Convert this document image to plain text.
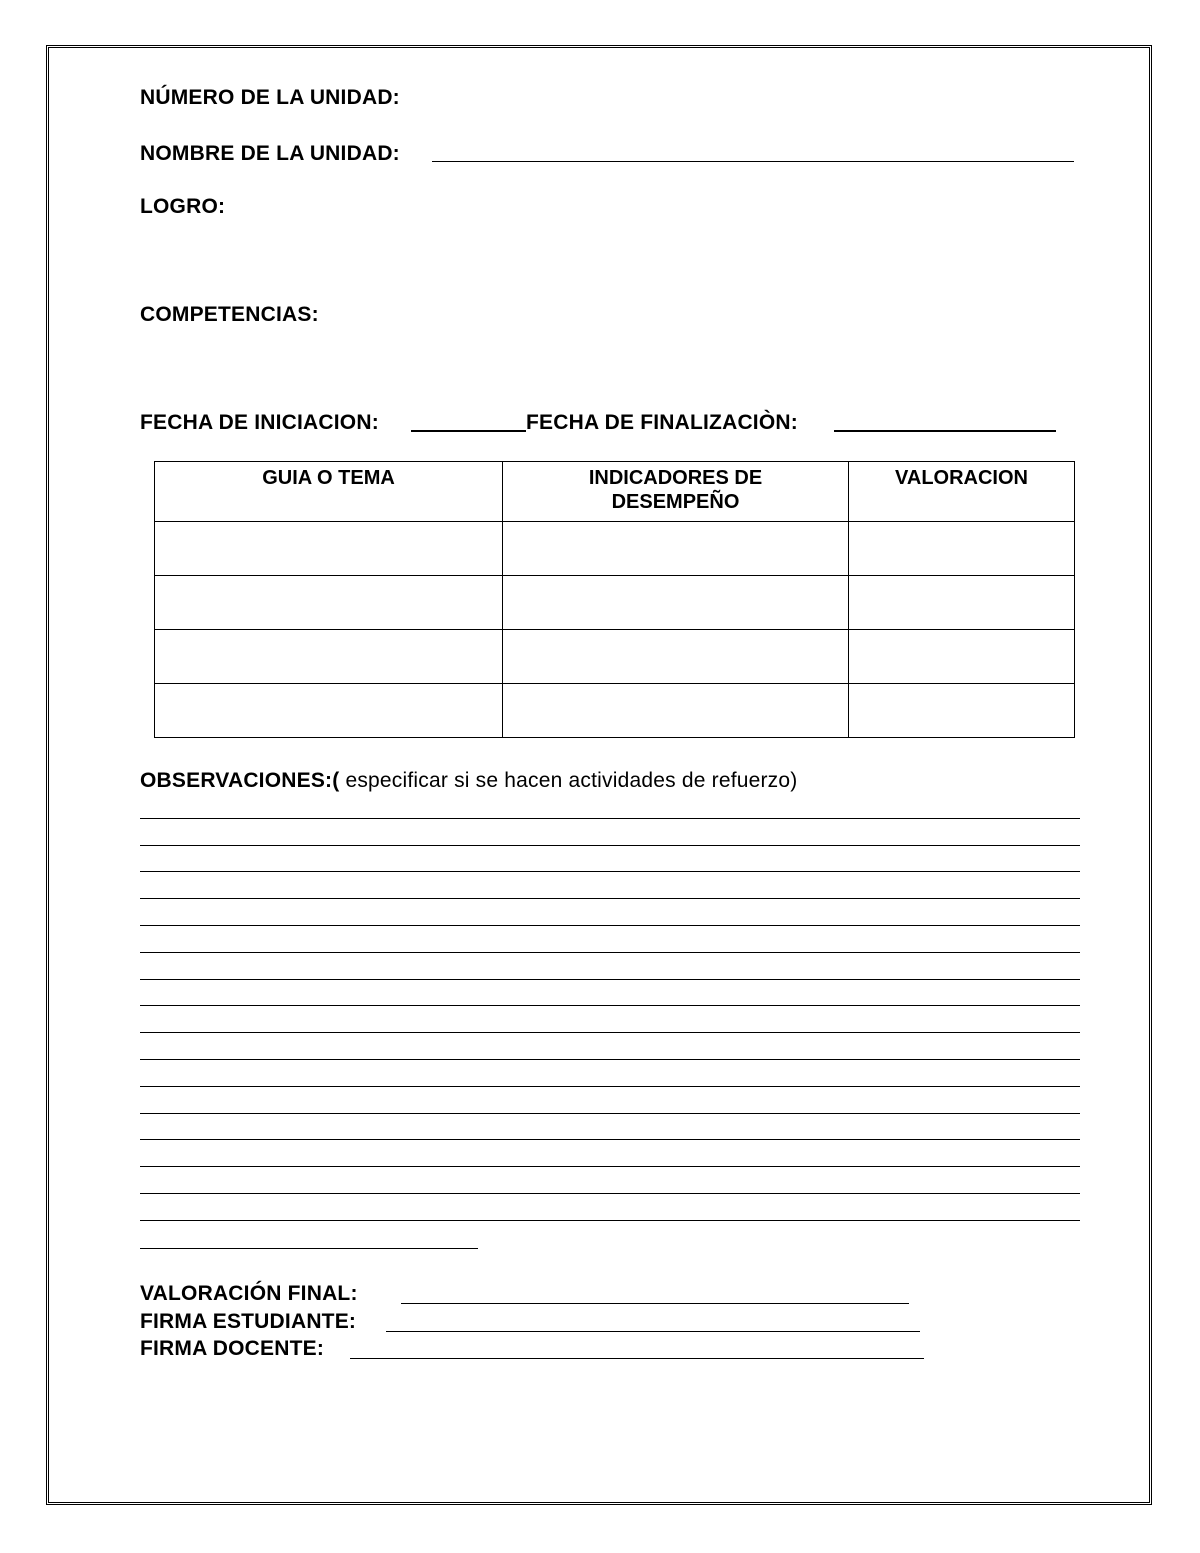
NÚMERO DE LA UNIDAD:
NOMBRE DE LA UNIDAD:
LOGRO:
COMPETENCIAS:
FECHA DE INICIACION:	FECHA DE FINALIZACIÒN:
GUIA O TEMA	INDICADORES DE DESEMPEÑO	VALORACION

OBSERVACIONES:( especificar si se hacen actividades de refuerzo)
VALORACIÓN FINAL:
FIRMA ESTUDIANTE:
FIRMA DOCENTE:
